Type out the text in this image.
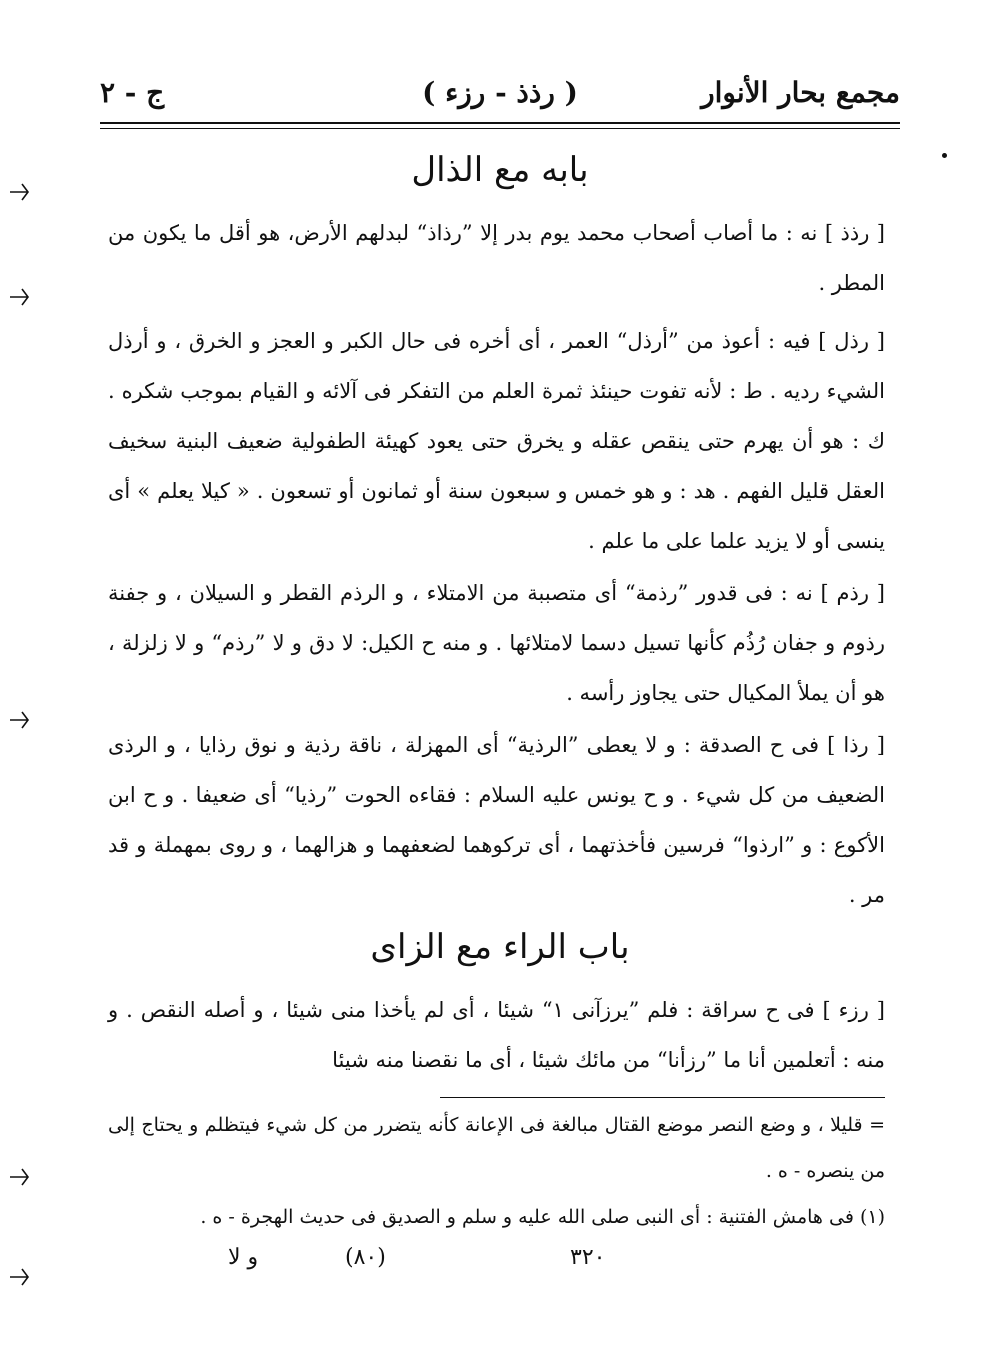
مجمع بحار الأنوار
( رذذ - رزء )
ج - ٢
بابه مع الذال

[ رذذ ] نه : ما أصاب أصحاب محمد يوم بدر إلا ”رذاذ“ لبدلهم الأرض، هو أقل ما يكون من المطر .

[ رذل ] فيه : أعوذ من ”أرذل“ العمر ، أى أخره فى حال الكبر و العجز و الخرق ، و أرذل الشيء رديه . ط : لأنه تفوت حينئذ ثمرة العلم من التفكر فى آلائه و القيام بموجب شكره . ك : هو أن يهرم حتى ينقص عقله و يخرق حتى يعود كهيئة الطفولية ضعيف البنية سخيف العقل قليل الفهم . هد : و هو خمس و سبعون سنة أو ثمانون أو تسعون . « كيلا يعلم » أى ينسى أو لا يزيد علما على ما علم .

[ رذم ] نه : فى قدور ”رذمة“ أى متصببة من الامتلاء ، و الرذم القطر و السيلان ، و جفنة رذوم و جفان رُذُم كأنها تسيل دسما لامتلائها . و منه ح الكيل: لا دق و لا ”رذم“ و لا زلزلة ، هو أن يملأ المكيال حتى يجاوز رأسه .

[ رذا ] فى ح الصدقة : و لا يعطى ”الرذية“ أى المهزلة ، ناقة رذية و نوق رذايا ، و الرذى الضعيف من كل شيء . و ح يونس عليه السلام : فقاءه الحوت ”رذيا“ أى ضعيفا . و ح ابن الأكوع : و ”ارذوا“ فرسين فأخذتهما ، أى تركوهما لضعفهما و هزالهما ، و روى بمهملة و قد مر .

باب الراء مع الزاى

[ رزء ] فى ح سراقة : فلم ”يرزآنى ١“ شيئا ، أى لم يأخذا منى شيئا ، و أصله النقص . و منه : أتعلمين أنا ما ”رزأنا“ من مائك شيئا ، أى ما نقصنا منه شيئا

= قليلا ، و وضع النصر موضع القتال مبالغة فى الإعانة كأنه يتضرر من كل شيء فيتظلم و يحتاج إلى من ينصره - ه .

(١) فى هامش الفتنية : أى النبى صلى الله عليه و سلم و الصديق فى حديث الهجرة - ه .

و لا	(٨٠)	٣٢٠
